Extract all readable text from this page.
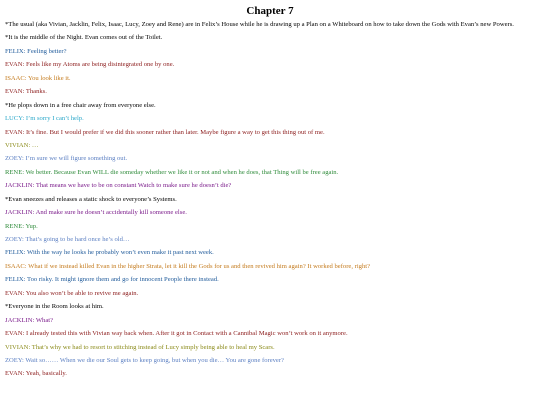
Chapter 7
*The usual (aka Vivian, Jacklin, Felix, Isaac, Lucy, Zoey and Rene) are in Felix’s House while he is drawing up a Plan on a Whiteboard on how to take down the Gods with Evan’s new Powers.
*It is the middle of the Night. Evan comes out of the Toilet.
FELIX: Feeling better?
EVAN: Feels like my Atoms are being disintegrated one by one.
ISAAC: You look like it.
EVAN: Thanks.
*He plops down in a free chair away from everyone else.
LUCY: I’m sorry I can’t help.
EVAN: It’s fine. But I would prefer if we did this sooner rather than later. Maybe figure a way to get this thing out of me.
VIVIAN: …
ZOEY: I’m sure we will figure something out.
RENE: We better. Because Evan WILL die someday whether we like it or not and when he does, that Thing will be free again.
JACKLIN: That means we have to be on constant Watch to make sure he doesn’t die?
*Evan sneezes and releases a static shock to everyone’s Systems.
JACKLIN: And make sure he doesn’t accidentally kill someone else.
RENE: Yup.
ZOEY: That’s going to be hard once he’s old…
FELIX: With the way he looks he probably won’t even make it past next week.
ISAAC: What if we instead killed Evan in the higher Strata, let it kill the Gods for us and then revived him again? It worked before, right?
FELIX: Too risky. It might ignore them and go for innocent People there instead.
EVAN: You also won’t be able to revive me again.
*Everyone in the Room looks at him.
JACKLIN: What?
EVAN: I already tested this with Vivian way back when. After it got in Contact with a Cannibal Magic won’t work on it anymore.
VIVIAN: That’s why we had to resort to stitching instead of Lucy simply being able to heal my Scars.
ZOEY: Wait so…… When we die our Soul gets to keep going, but when you die… You are gone forever?
EVAN: Yeah, basically.
